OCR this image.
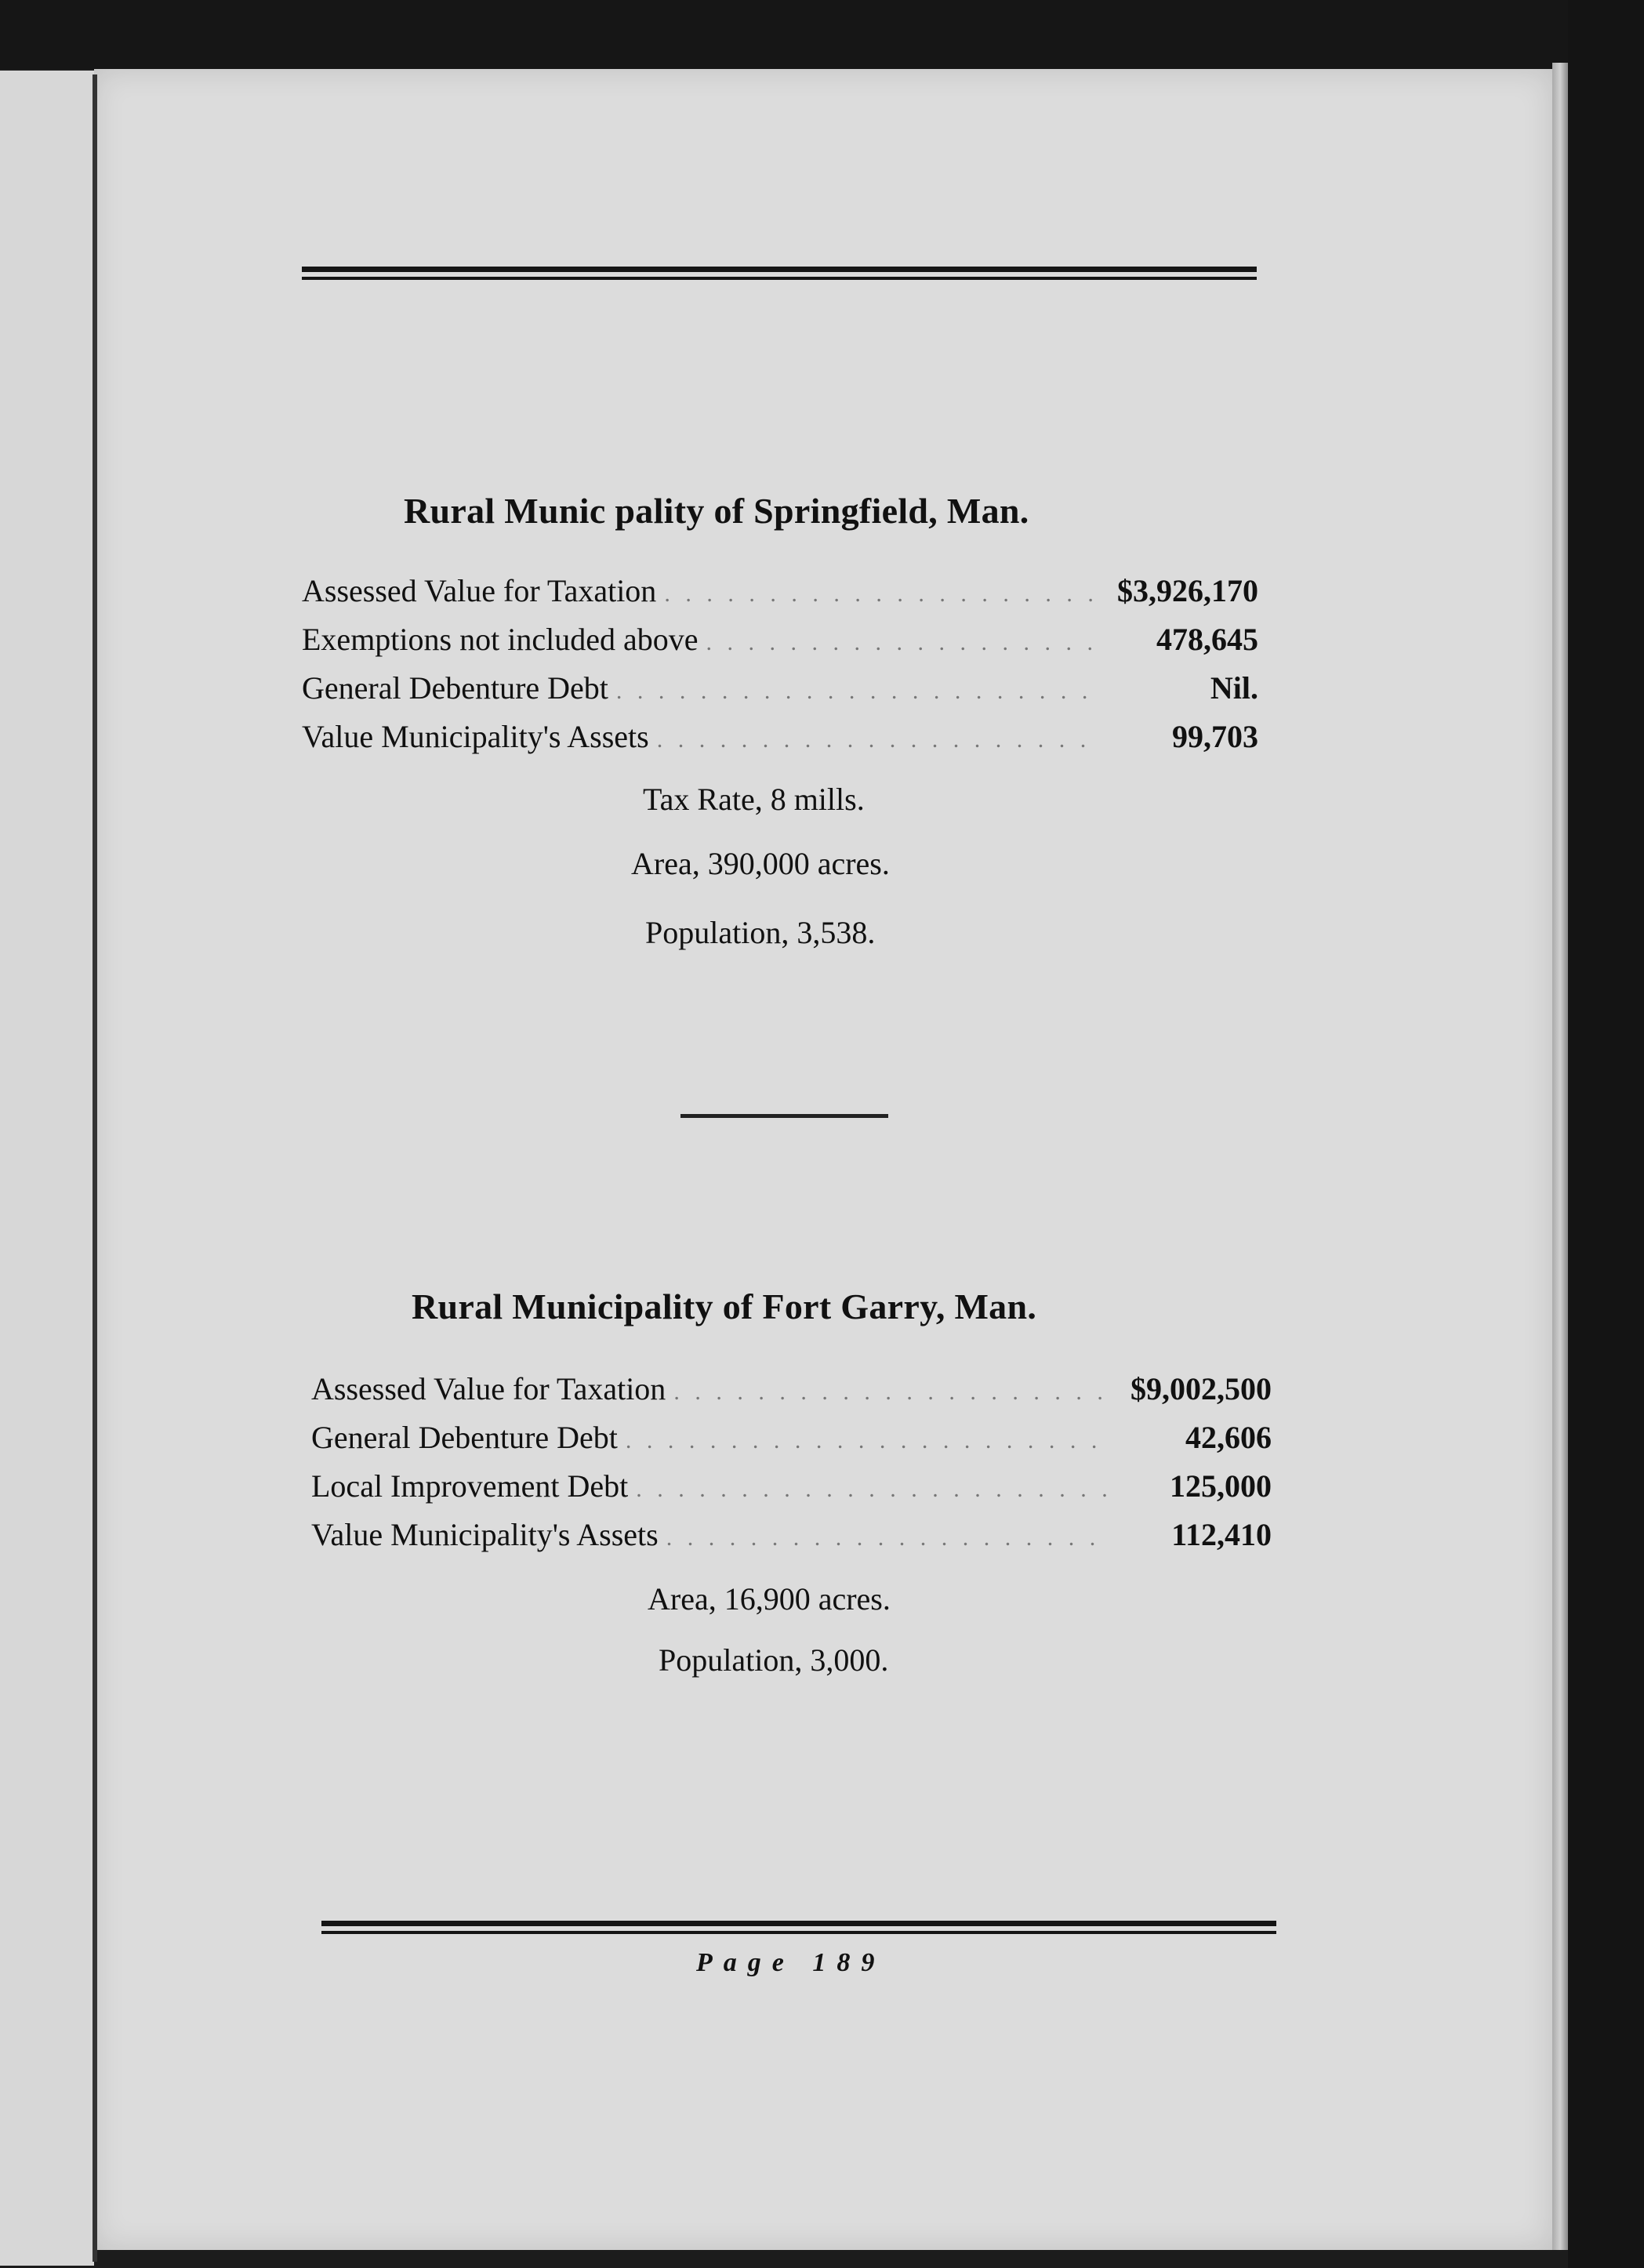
Rural Munic pality of Springfield, Man.
Assessed Value for Taxation . . .	$3,926,170
Exemptions not included above . . .	478,645
General Debenture Debt . . .	Nil.
Value Municipality's Assets . . .	99,703
Tax Rate, 8 mills.
Area, 390,000 acres.
Population, 3,538.
Rural Municipality of Fort Garry, Man.
Assessed Value for Taxation . . .	$9,002,500
General Debenture Debt . . .	42,606
Local Improvement Debt . . .	125,000
Value Municipality's Assets . . .	112,410
Area, 16,900 acres.
Population, 3,000.
Page 189
